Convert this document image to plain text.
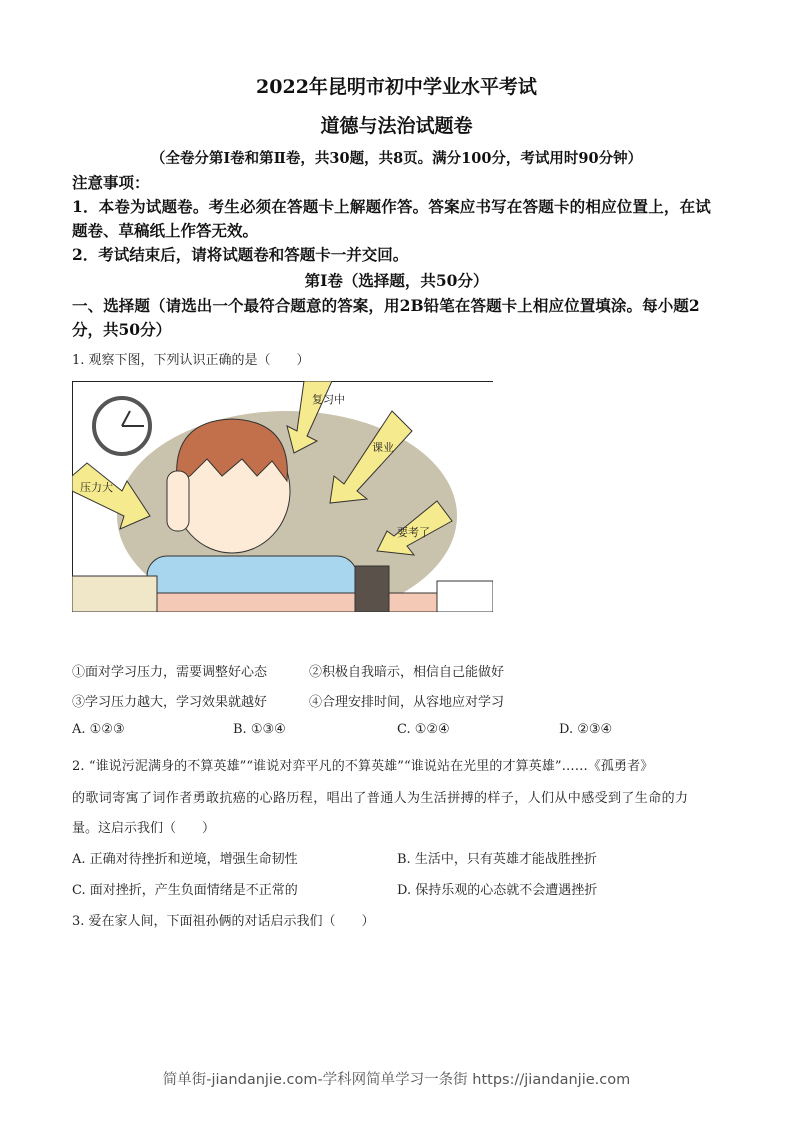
2022年昆明市初中学业水平考试
道德与法治试题卷
（全卷分第Ⅰ卷和第Ⅱ卷，共30题，共8页。满分100分，考试用时90分钟）
注意事项：
1．本卷为试题卷。考生必须在答题卡上解题作答。答案应书写在答题卡的相应位置上，在试
题卷、草稿纸上作答无效。
2．考试结束后，请将试题卷和答题卡一并交回。
第Ⅰ卷（选择题，共50分）
一、选择题（请选出一个最符合题意的答案，用2B铅笔在答题卡上相应位置填涂。每小题2
分，共50分）
1. 观察下图，下列认识正确的是（　　）
复习中
课业
要考了
压力大
①面对学习压力，需要调整好心态	②积极自我暗示，相信自己能做好
③学习压力越大，学习效果就越好	④合理安排时间，从容地应对学习
A. ①②③	B. ①③④	C. ①②④	D. ②③④
2. “谁说污泥满身的不算英雄”“谁说对弈平凡的不算英雄”“谁说站在光里的才算英雄”……《孤勇者》
的歌词寄寓了词作者勇敢抗癌的心路历程，唱出了普通人为生活拼搏的样子，人们从中感受到了生命的力
量。这启示我们（　　）
A. 正确对待挫折和逆境，增强生命韧性	B. 生活中，只有英雄才能战胜挫折
C. 面对挫折，产生负面情绪是不正常的	D. 保持乐观的心态就不会遭遇挫折
3. 爱在家人间，下面祖孙俩的对话启示我们（　　）
简单街-jiandanjie.com-学科网简单学习一条街 https://jiandanjie.com
